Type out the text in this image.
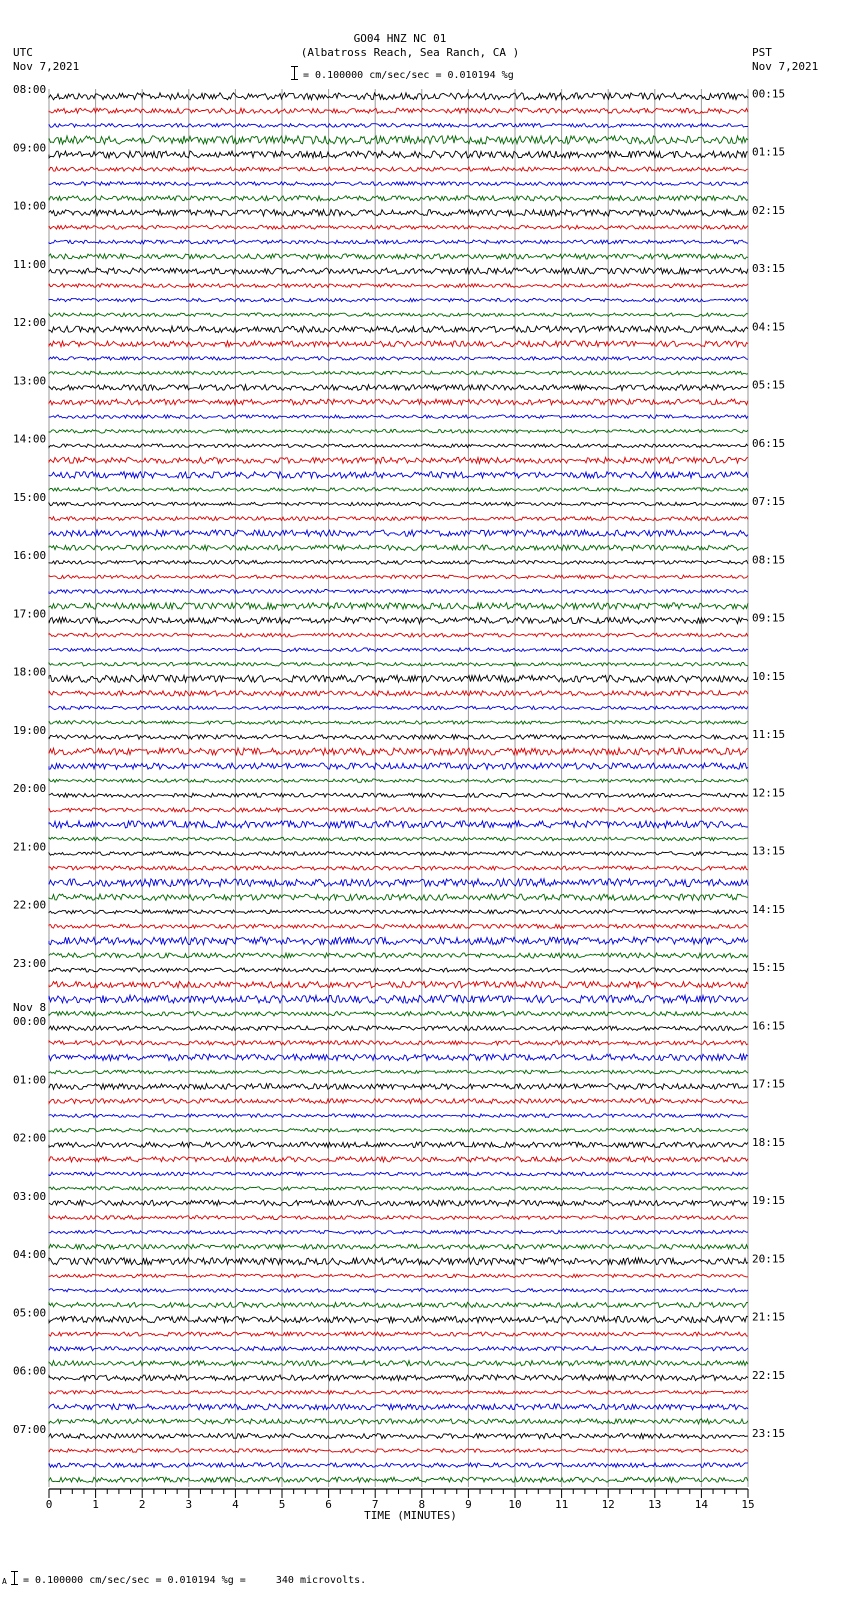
GO04 HNZ NC 01
(Albatross Reach, Sea Ranch, CA )
= 0.100000 cm/sec/sec = 0.010194 %g
UTC
Nov 7,2021
PST
Nov 7,2021
08:00
09:00
10:00
11:00
12:00
13:00
14:00
15:00
16:00
17:00
18:00
19:00
20:00
21:00
22:00
23:00
00:00
01:00
02:00
03:00
04:00
05:00
06:00
07:00
Nov 8
00:15
01:15
02:15
03:15
04:15
05:15
06:15
07:15
08:15
09:15
10:15
11:15
12:15
13:15
14:15
15:15
16:15
17:15
18:15
19:15
20:15
21:15
22:15
23:15
0	1	2	3	4	5	6	7	8	9	10	11	12	13	14	15
TIME (MINUTES)
A = 0.100000 cm/sec/sec = 0.010194 %g =     340 microvolts.
